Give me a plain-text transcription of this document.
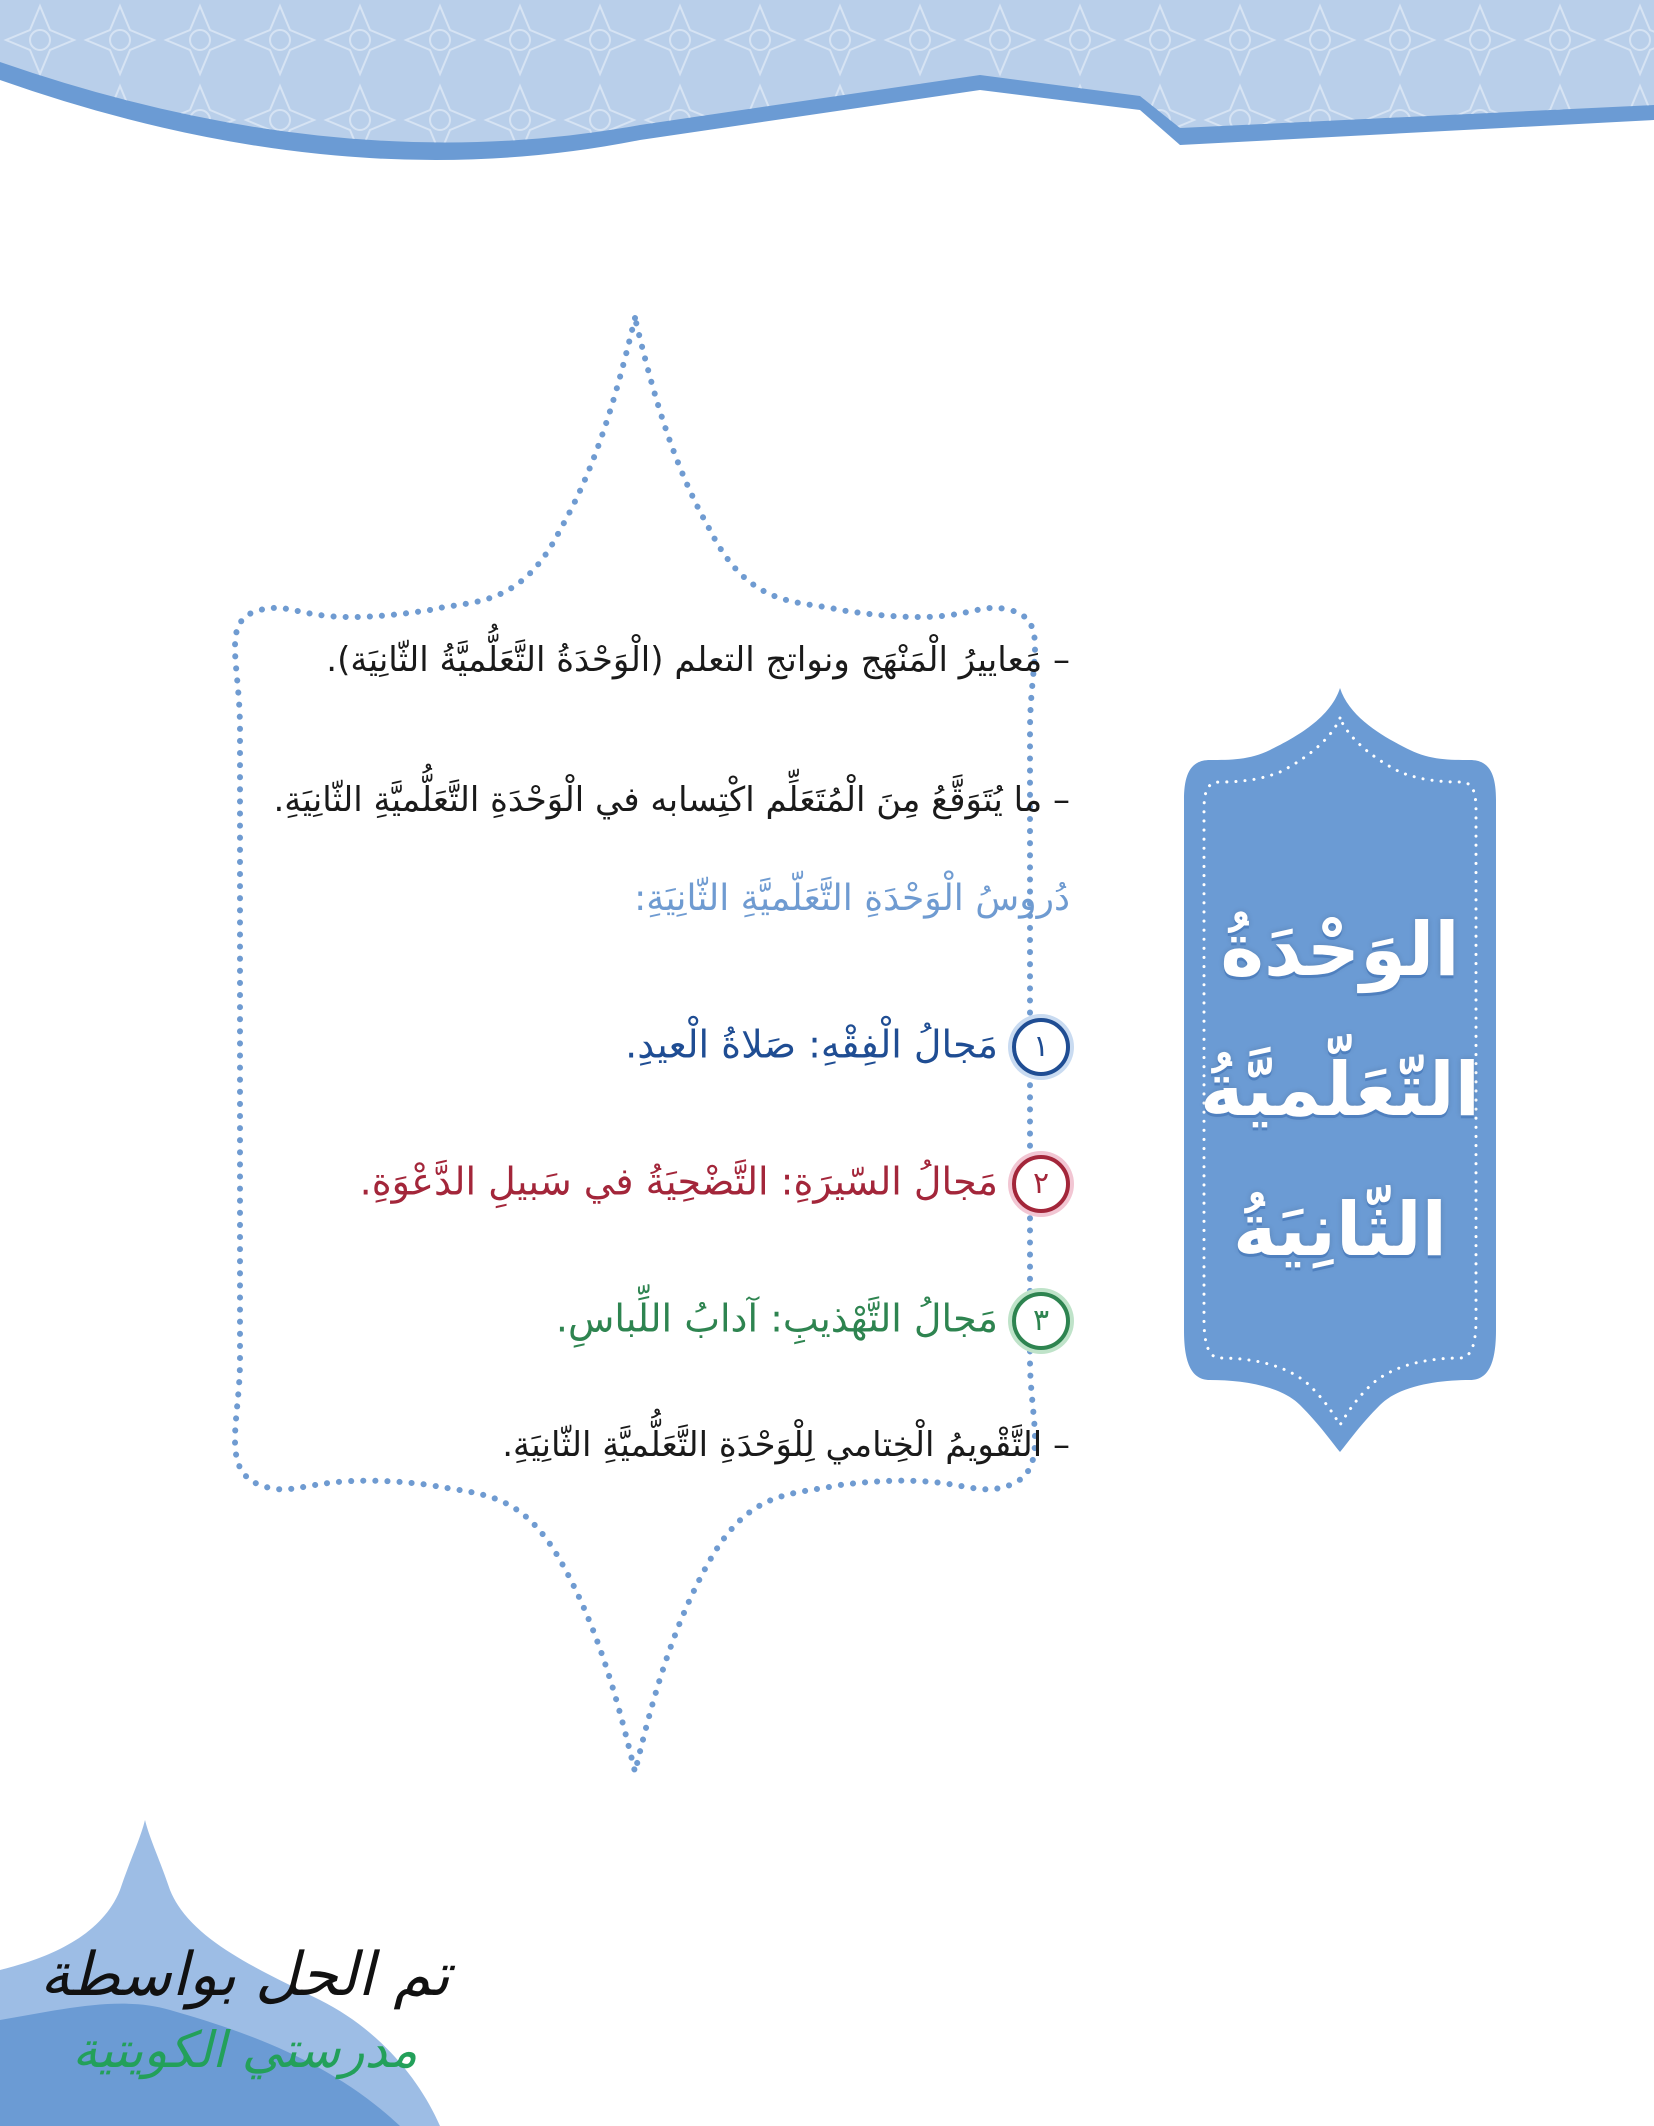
– مَعاييرُ الْمَنْهَج ونواتج التعلم (الْوَحْدَةُ التَّعَلُّميَّةُ الثّانِيَة).
– ما يُتَوَقَّعُ مِنَ الْمُتَعَلِّم اكْتِسابه في الْوَحْدَةِ التَّعَلُّميَّةِ الثّانِيَةِ.
دُروسُ الْوَحْدَةِ التَّعَلّميَّةِ الثّانِيَةِ:
١مَجالُ الْفِقْهِ: صَلاةُ الْعيدِ.
٢مَجالُ السّيرَةِ: التَّضْحِيَةُ في سَبيلِ الدَّعْوَةِ.
٣مَجالُ التَّهْذيبِ: آدابُ اللِّباسِ.
– التَّقْويمُ الْخِتامي لِلْوَحْدَةِ التَّعَلُّميَّةِ الثّانِيَةِ.
الوَحْدَةُ
التّعَلّميَّةُ
الثّانِيَةُ
تم الحل بواسطة
مدرستي الكويتية
